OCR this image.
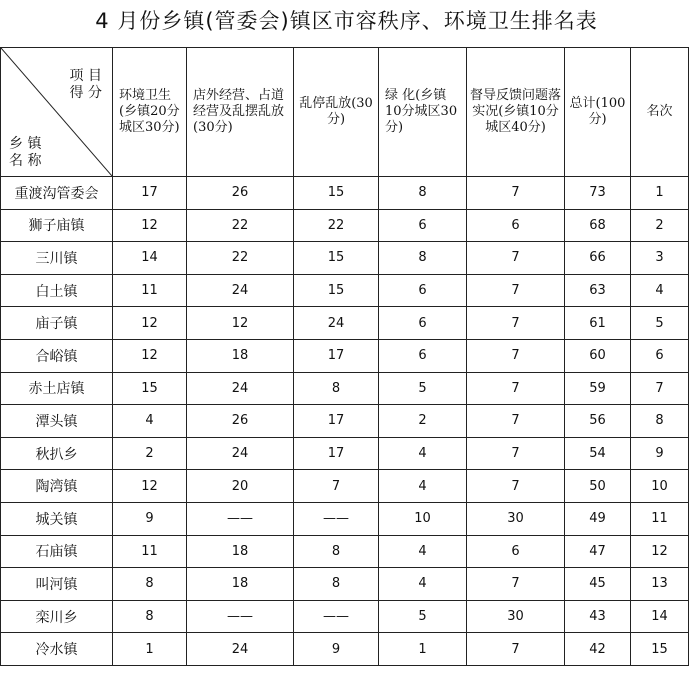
4 月份乡镇(管委会)镇区市容秩序、环境卫生排名表
项 目
得 分
乡 镇
名 称	环境卫生(乡镇20分城区30分)	店外经营、占道经营及乱摆乱放(30分)	乱停乱放(30分)	绿 化(乡镇10分城区30分)	督导反馈问题落实况(乡镇10分城区40分)	总计(100分)	名次

重渡沟管委会	17	26	15	8	7	73	1
狮子庙镇	12	22	22	6	6	68	2
三川镇	14	22	15	8	7	66	3
白土镇	11	24	15	6	7	63	4
庙子镇	12	12	24	6	7	61	5
合峪镇	12	18	17	6	7	60	6
赤土店镇	15	24	8	5	7	59	7
潭头镇	4	26	17	2	7	56	8
秋扒乡	2	24	17	4	7	54	9
陶湾镇	12	20	7	4	7	50	10
城关镇	9	——	——	10	30	49	11
石庙镇	11	18	8	4	6	47	12
叫河镇	8	18	8	4	7	45	13
栾川乡	8	——	——	5	30	43	14
冷水镇	1	24	9	1	7	42	15
